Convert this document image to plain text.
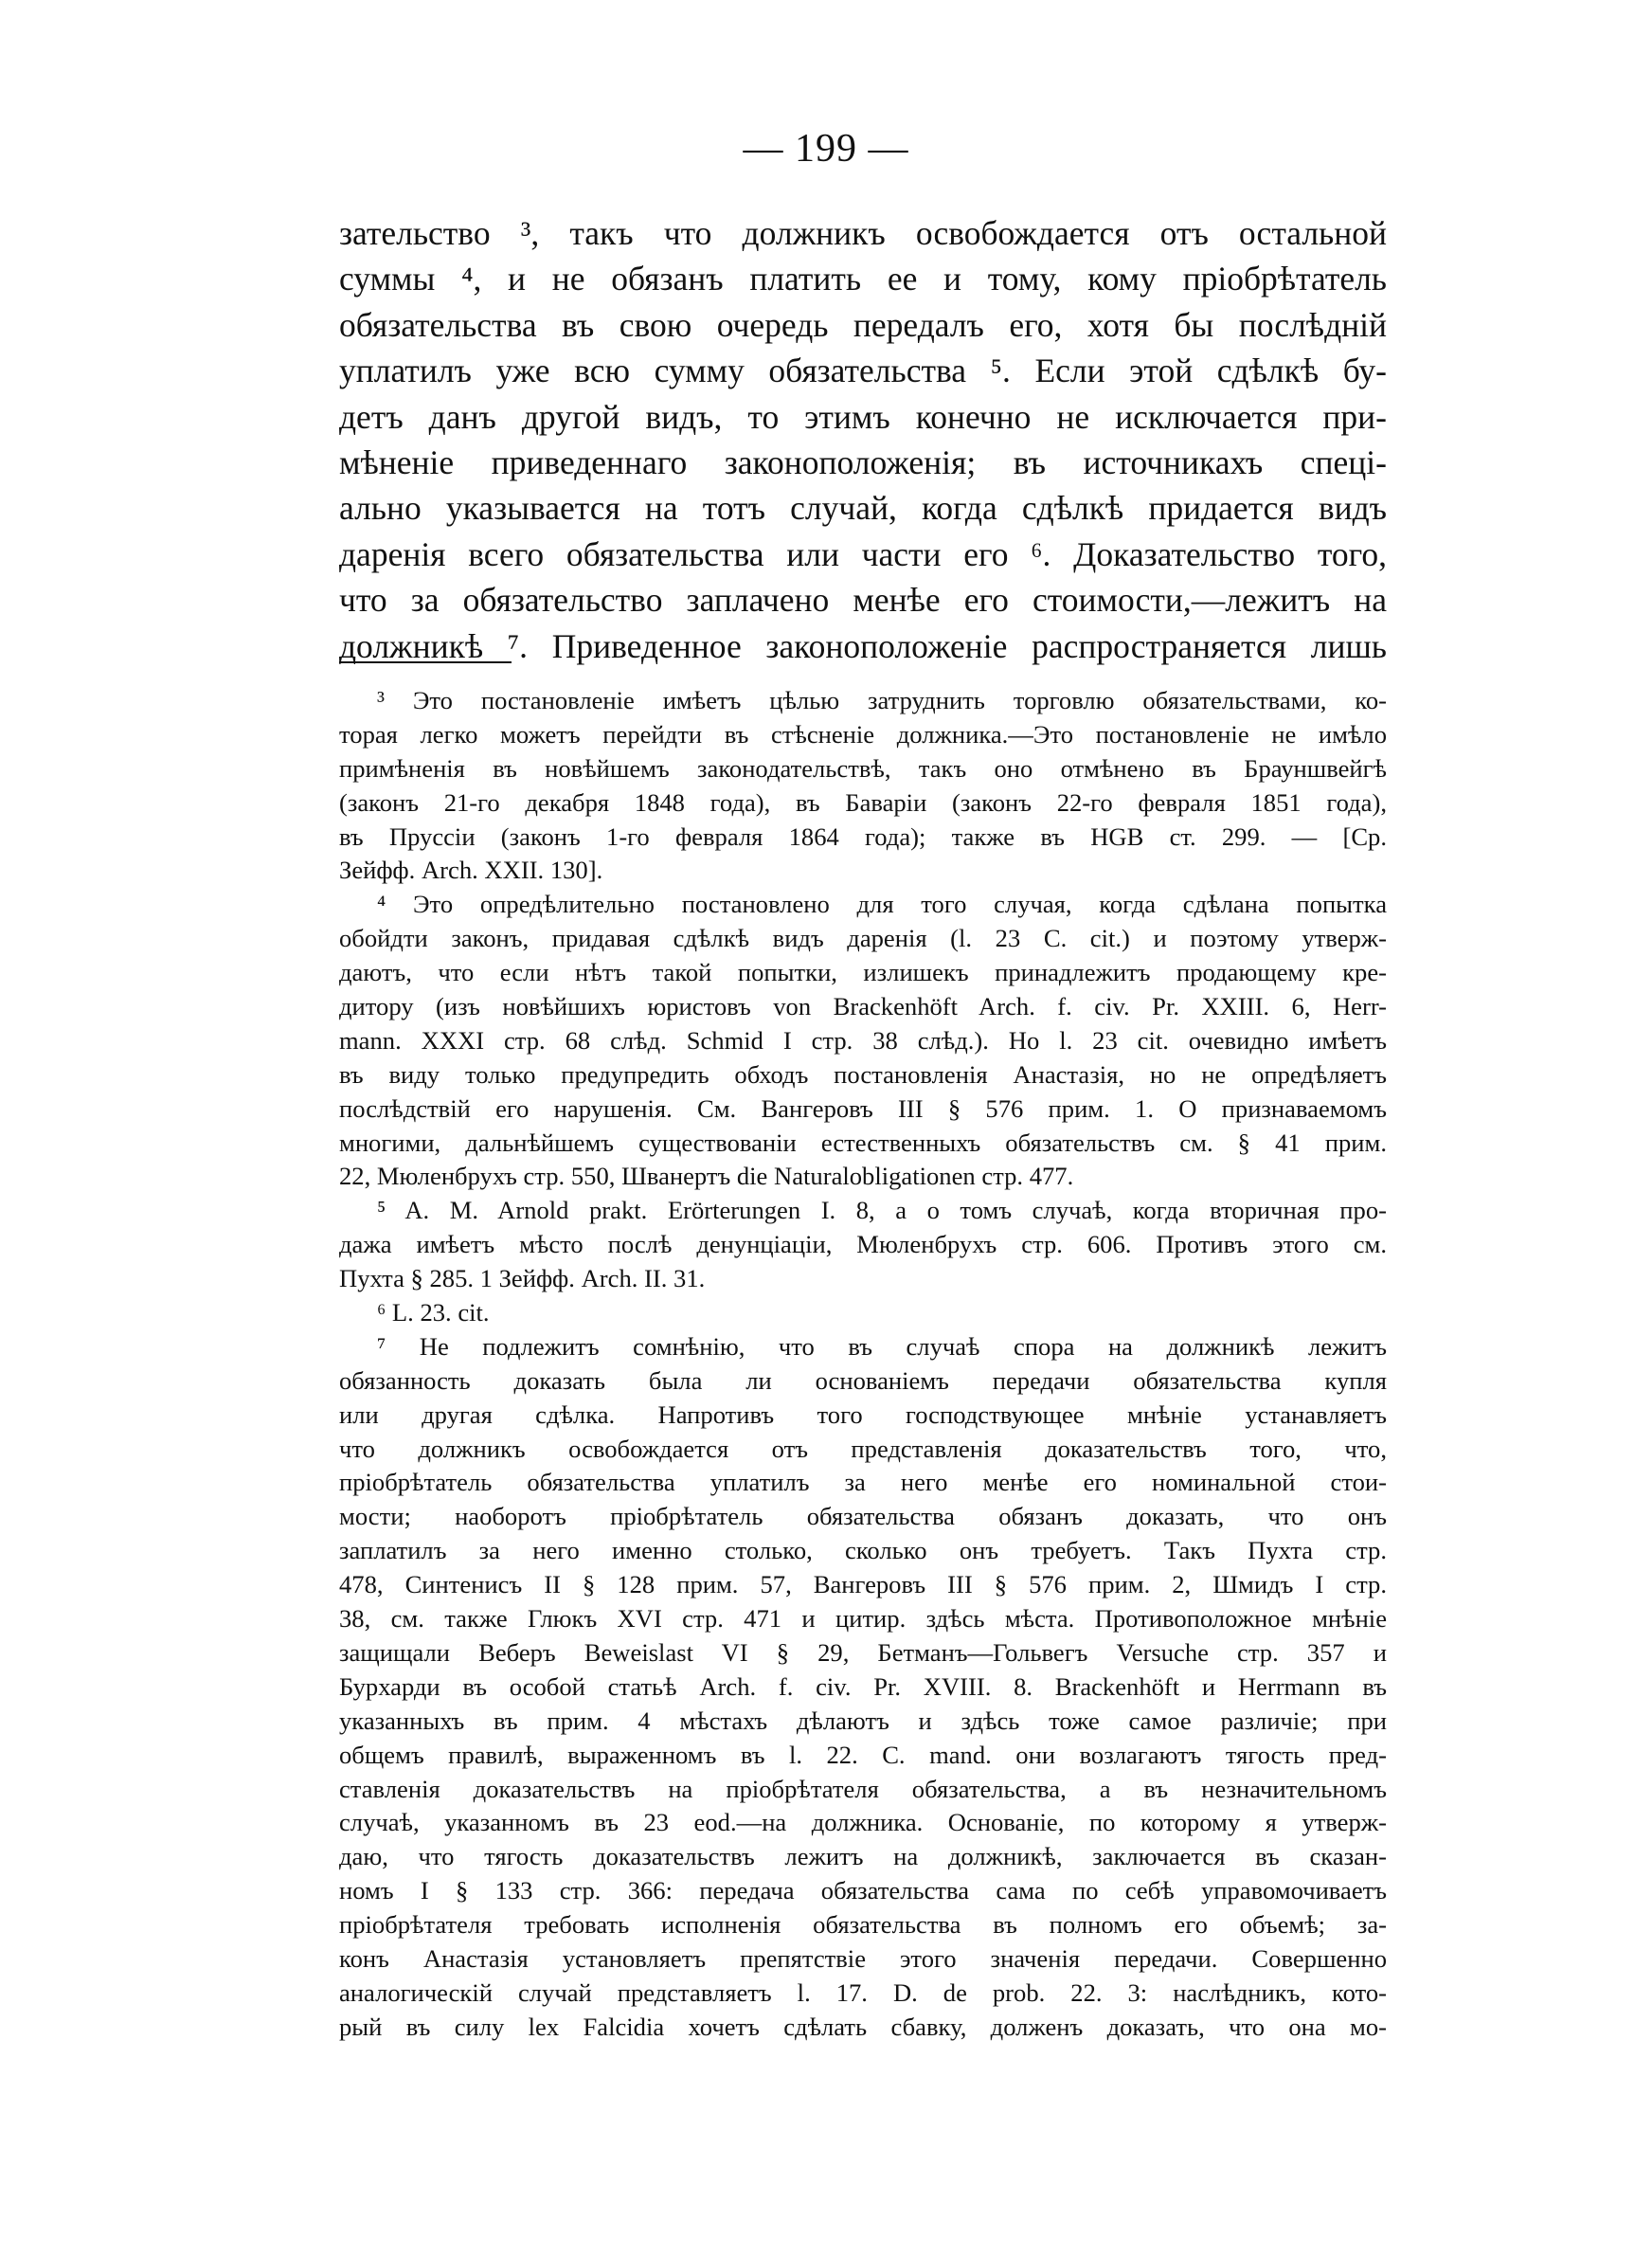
— 199 —
зательство ³, такъ что должникъ освобождается отъ остальной
суммы ⁴, и не обязанъ платить ее и тому, кому пріобрѣтатель
обязательства въ свою очередь передалъ его, хотя бы послѣдній
уплатилъ уже всю сумму обязательства ⁵. Если этой сдѣлкѣ бу-
детъ данъ другой видъ, то этимъ конечно не исключается при-
мѣненіе приведеннаго законоположенія; въ источникахъ спеці-
ально указывается на тотъ случай, когда сдѣлкѣ придается видъ
даренія всего обязательства или части его ⁶. Доказательство того,
что за обязательство заплачено менѣе его стоимости,—лежитъ на
должникѣ ⁷. Приведенное законоположеніе распространяется лишь
³ Это постановленіе имѣетъ цѣлью затруднить торговлю обязательствами, ко-
торая легко можетъ перейдти въ стѣсненіе должника.—Это постановленіе не имѣло
примѣненія въ новѣйшемъ законодательствѣ, такъ оно отмѣнено въ Брауншвейгѣ
(законъ 21-го декабря 1848 года), въ Баваріи (законъ 22-го февраля 1851 года),
въ Пруссіи (законъ 1-го февраля 1864 года); также въ HGB ст. 299. — [Ср.
Зейфф. Arch. XXII. 130].
⁴ Это опредѣлительно постановлено для того случая, когда сдѣлана попытка
обойдти законъ, придавая сдѣлкѣ видъ даренія (l. 23 C. cit.) и поэтому утверж-
даютъ, что если нѣтъ такой попытки, излишекъ принадлежитъ продающему кре-
дитору (изъ новѣйшихъ юристовъ von Brackenhöft Arch. f. civ. Pr. XXIII. 6, Herr-
mann. XXXI стр. 68 слѣд. Schmid I стр. 38 слѣд.). Но l. 23 cit. очевидно имѣетъ
въ виду только предупредить обходъ постановленія Анастазія, но не опредѣляетъ
послѣдствій его нарушенія. См. Вангеровъ III § 576 прим. 1. О признаваемомъ
многими, дальнѣйшемъ существованіи естественныхъ обязательствъ см. § 41 прим.
22, Мюленбрухъ стр. 550, Шванертъ die Naturalobligationen стр. 477.
⁵ A. M. Arnold prakt. Erörterungen I. 8, а о томъ случаѣ, когда вторичная про-
дажа имѣетъ мѣсто послѣ денунціаціи, Мюленбрухъ стр. 606. Противъ этого см.
Пухта § 285. 1 Зейфф. Arch. II. 31.
⁶ L. 23. cit.
⁷ Не подлежитъ сомнѣнію, что въ случаѣ спора на должникѣ лежитъ
обязанность доказать была ли основаніемъ передачи обязательства купля
или другая сдѣлка. Напротивъ того господствующее мнѣніе устанавляетъ
что должникъ освобождается отъ представленія доказательствъ того, что,
пріобрѣтатель обязательства уплатилъ за него менѣе его номинальной стои-
мости; наоборотъ пріобрѣтатель обязательства обязанъ доказать, что онъ
заплатилъ за него именно столько, сколько онъ требуетъ. Такъ Пухта стр.
478, Синтенисъ II § 128 прим. 57, Вангеровъ III § 576 прим. 2, Шмидъ I стр.
38, см. также Глюкъ XVI стр. 471 и цитир. здѣсь мѣста. Противоположное мнѣніе
защищали Веберъ Beweislast VI § 29, Бетманъ—Гольвегъ Versuche стр. 357 и
Бурхарди въ особой статьѣ Arch. f. civ. Pr. XVIII. 8. Brackenhöft и Herrmann въ
указанныхъ въ прим. 4 мѣстахъ дѣлаютъ и здѣсь тоже самое различіе; при
общемъ правилѣ, выраженномъ въ l. 22. C. mand. они возлагаютъ тягость пред-
ставленія доказательствъ на пріобрѣтателя обязательства, а въ незначительномъ
случаѣ, указанномъ въ 23 eod.—на должника. Основаніе, по которому я утверж-
даю, что тягость доказательствъ лежитъ на должникѣ, заключается въ сказан-
номъ I § 133 стр. 366: передача обязательства сама по себѣ управомочиваетъ
пріобрѣтателя требовать исполненія обязательства въ полномъ его объемѣ; за-
конъ Анастазія установляетъ препятствіе этого значенія передачи. Совершенно
аналогическій случай представляетъ l. 17. D. de prob. 22. 3: наслѣдникъ, кото-
рый въ силу lex Falcidia хочетъ сдѣлать сбавку, долженъ доказать, что она мо-
